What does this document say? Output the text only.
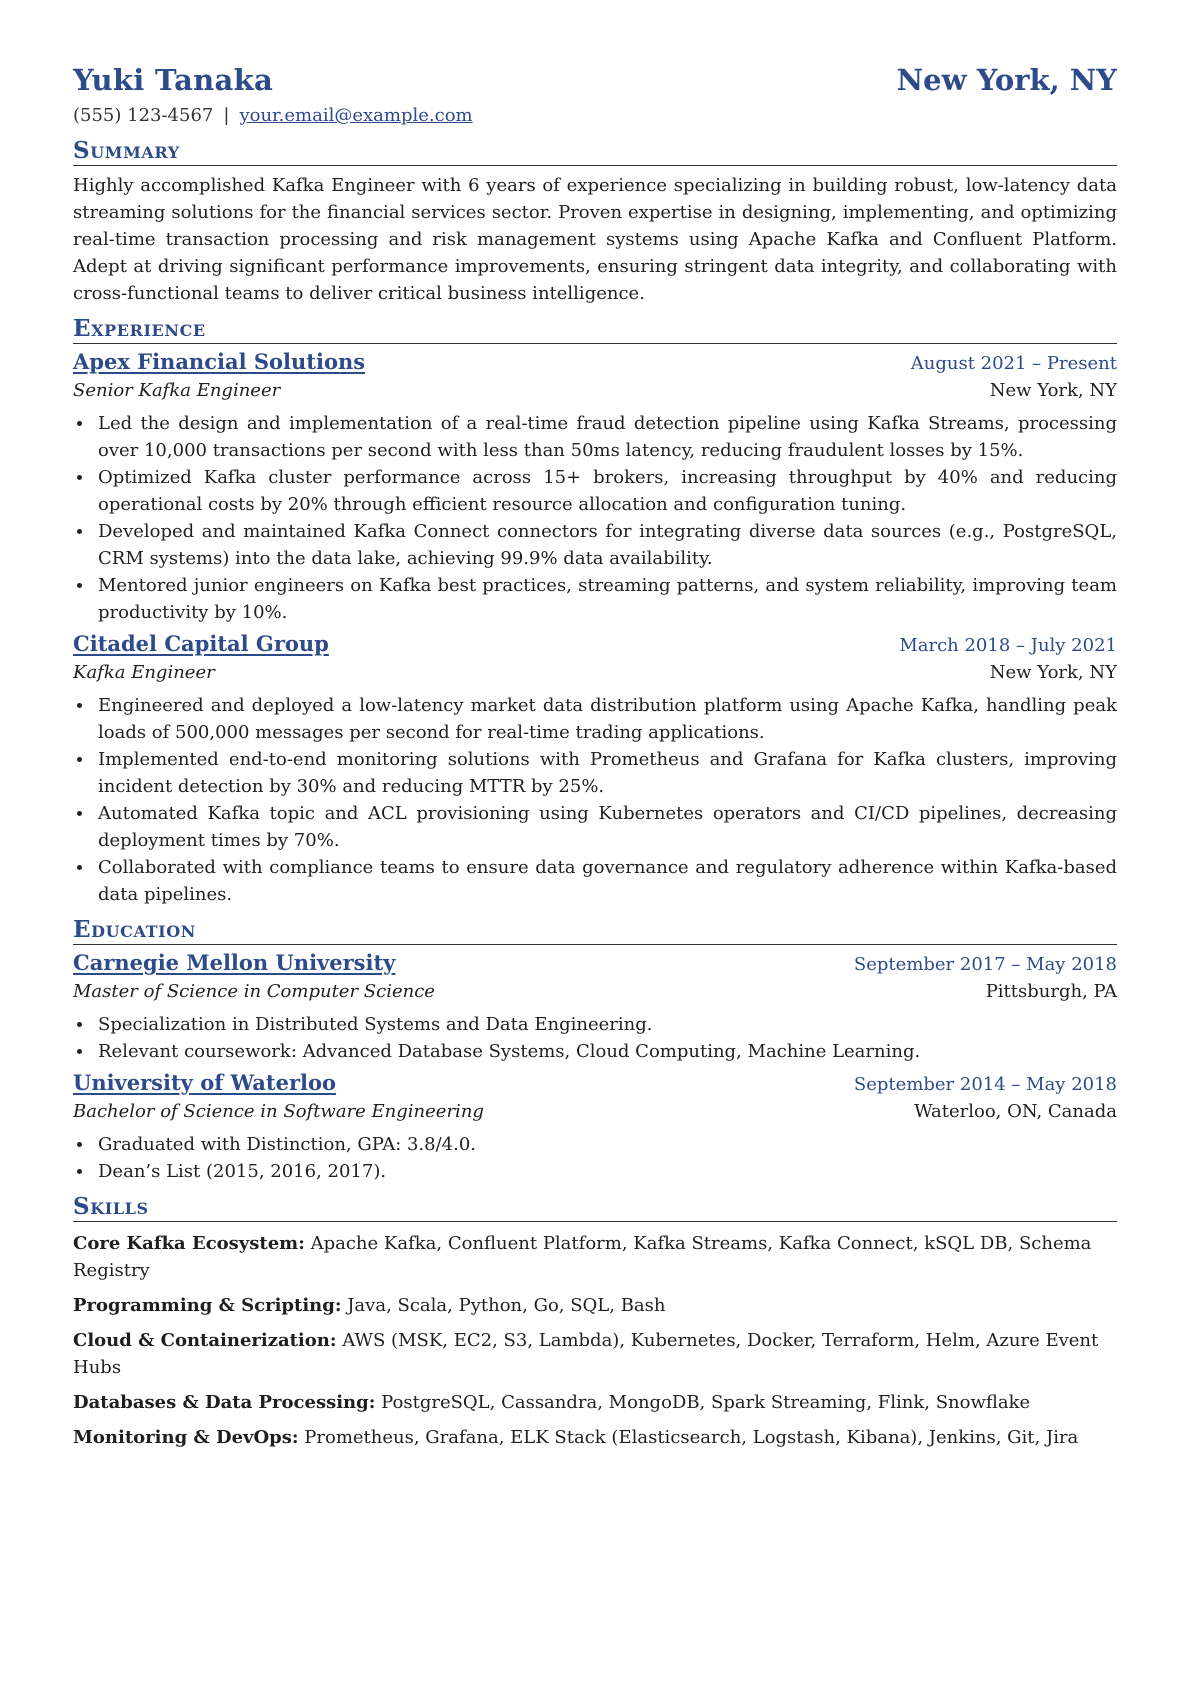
Yuki Tanaka	New York, NY
(555) 123-4567 | your.email@example.com
Summary
Highly accomplished Kafka Engineer with 6 years of experience specializing in building robust, low-latency data streaming solutions for the financial services sector. Proven expertise in designing, implementing, and optimizing real-time transaction processing and risk management systems using Apache Kafka and Confluent Platform. Adept at driving significant performance improvements, ensuring stringent data integrity, and collaborating with cross-functional teams to deliver critical business intelligence.
Experience
Apex Financial Solutions	August 2021 – Present
Senior Kafka Engineer	New York, NY
Led the design and implementation of a real-time fraud detection pipeline using Kafka Streams, processing over 10,000 transactions per second with less than 50ms latency, reducing fraudulent losses by 15%.
Optimized Kafka cluster performance across 15+ brokers, increasing throughput by 40% and reducing operational costs by 20% through efficient resource allocation and configuration tuning.
Developed and maintained Kafka Connect connectors for integrating diverse data sources (e.g., PostgreSQL, CRM systems) into the data lake, achieving 99.9% data availability.
Mentored junior engineers on Kafka best practices, streaming patterns, and system reliability, improving team productivity by 10%.
Citadel Capital Group	March 2018 – July 2021
Kafka Engineer	New York, NY
Engineered and deployed a low-latency market data distribution platform using Apache Kafka, handling peak loads of 500,000 messages per second for real-time trading applications.
Implemented end-to-end monitoring solutions with Prometheus and Grafana for Kafka clusters, improving incident detection by 30% and reducing MTTR by 25%.
Automated Kafka topic and ACL provisioning using Kubernetes operators and CI/CD pipelines, decreasing deployment times by 70%.
Collaborated with compliance teams to ensure data governance and regulatory adherence within Kafka-based data pipelines.
Education
Carnegie Mellon University	September 2017 – May 2018
Master of Science in Computer Science	Pittsburgh, PA
Specialization in Distributed Systems and Data Engineering.
Relevant coursework: Advanced Database Systems, Cloud Computing, Machine Learning.
University of Waterloo	September 2014 – May 2018
Bachelor of Science in Software Engineering	Waterloo, ON, Canada
Graduated with Distinction, GPA: 3.8/4.0.
Dean’s List (2015, 2016, 2017).
Skills
Core Kafka Ecosystem: Apache Kafka, Confluent Platform, Kafka Streams, Kafka Connect, kSQL DB, Schema Registry
Programming & Scripting: Java, Scala, Python, Go, SQL, Bash
Cloud & Containerization: AWS (MSK, EC2, S3, Lambda), Kubernetes, Docker, Terraform, Helm, Azure Event Hubs
Databases & Data Processing: PostgreSQL, Cassandra, MongoDB, Spark Streaming, Flink, Snowflake
Monitoring & DevOps: Prometheus, Grafana, ELK Stack (Elasticsearch, Logstash, Kibana), Jenkins, Git, Jira
